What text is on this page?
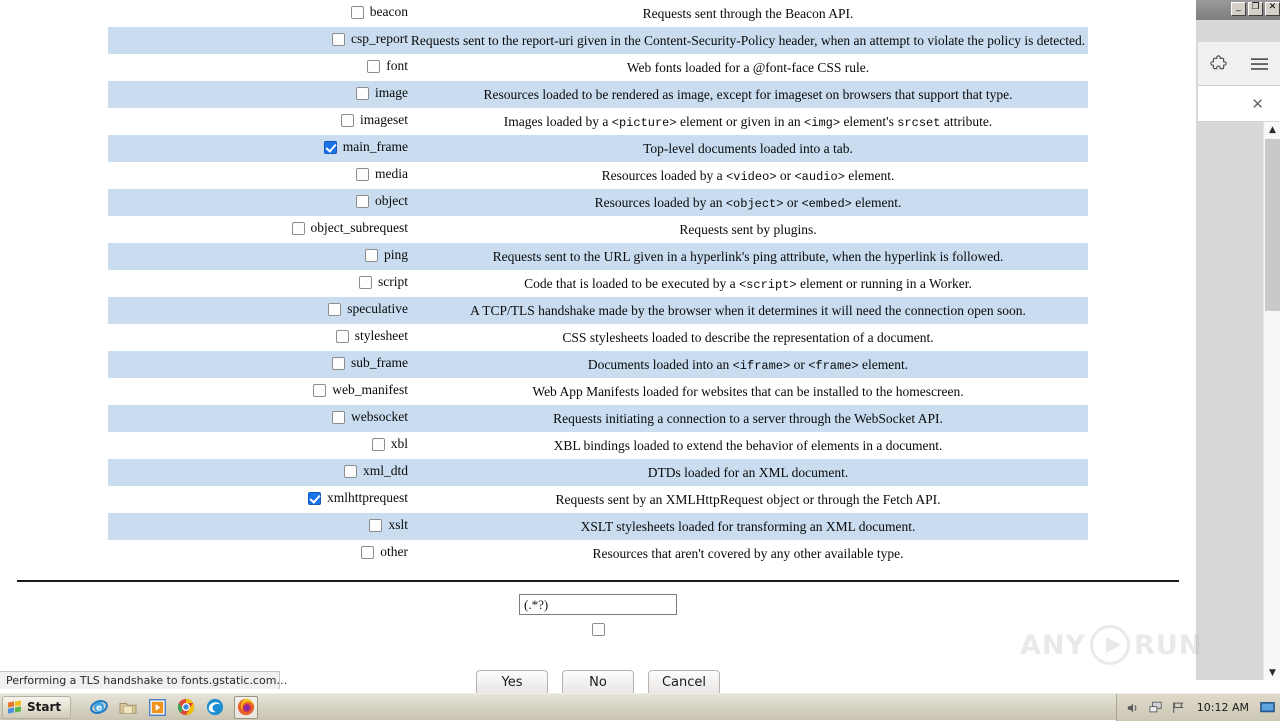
_	❐	✕
✕
▲
▼
beacon	Requests sent through the Beacon API.

csp_report	Requests sent to the report-uri given in the Content-Security-Policy header, when an attempt to violate the policy is detected.

font	Web fonts loaded for a @font-face CSS rule.

image	Resources loaded to be rendered as image, except for imageset on browsers that support that type.

imageset	Images loaded by a <picture> element or given in an <img> element's srcset attribute.

main_frame	Top-level documents loaded into a tab.

media	Resources loaded by a <video> or <audio> element.

object	Resources loaded by an <object> or <embed> element.

object_subrequest	Requests sent by plugins.

ping	Requests sent to the URL given in a hyperlink's ping attribute, when the hyperlink is followed.

script	Code that is loaded to be executed by a <script> element or running in a Worker.

speculative	A TCP/TLS handshake made by the browser when it determines it will need the connection open soon.

stylesheet	CSS stylesheets loaded to describe the representation of a document.

sub_frame	Documents loaded into an <iframe> or <frame> element.

web_manifest	Web App Manifests loaded for websites that can be installed to the homescreen.

websocket	Requests initiating a connection to a server through the WebSocket API.

xbl	XBL bindings loaded to extend the behavior of elements in a document.

xml_dtd	DTDs loaded for an XML document.

xmlhttprequest	Requests sent by an XMLHttpRequest object or through the Fetch API.

xslt	XSLT stylesheets loaded for transforming an XML document.

other	Resources that aren't covered by any other available type.
(.*?)
Yes	No	Cancel
ANY RUN
Performing a TLS handshake to fonts.gstatic.com…
Start	e	10:12 AM
